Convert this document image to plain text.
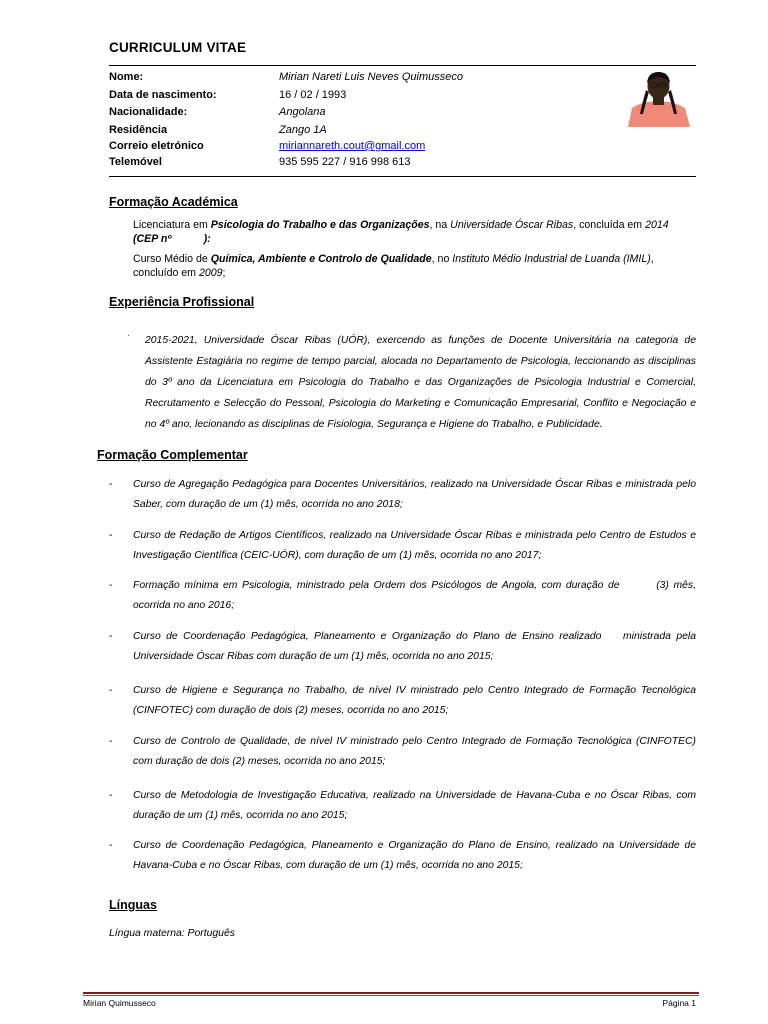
CURRICULUM VITAE
Nome:	Mirian Nareti Luis Neves Quimusseco
Data de nascimento:	16 / 02 / 1993
Nacionalidade:	Angolana
Residência	Zango 1A
Correio eletrónico	miriannareth.cout@gmail.com
Telemóvel	935 595 227 / 916 998 613
Formação Académica
Licenciatura em Psicologia do Trabalho e das Organizações, na Universidade Óscar Ribas, concluída em 2014 (CEP nº           ):
Curso Médio de Química, Ambiente e Controlo de Qualidade, no Instituto Médio Industrial de Luanda (IMIL), concluído em 2009;
Experiência Profissional
· 2015-2021, Universidade Óscar Ribas (UÓR), exercendo as funções de Docente Universitária na categoria de Assistente Estagiária no regime de tempo parcial, alocada no Departamento de Psicologia, leccionando as disciplinas do 3º ano da Licenciatura em Psicologia do Trabalho e das Organizações de Psicologia Industrial e Comercial, Recrutamento e Selecção do Pessoal, Psicologia do Marketing e Comunicação Empresarial, Conflito e Negociação e no 4º ano, lecionando as disciplinas de Fisiologia, Segurança e Higiene do Trabalho, e Publicidade.
Formação Complementar
- Curso de Agregação Pedagógica para Docentes Universitários, realizado na Universidade Óscar Ribas e ministrada pelo Saber, com duração de um (1) mês, ocorrida no ano 2018;
- Curso de Redação de Artigos Científicos, realizado na Universidade Óscar Ribas e ministrada pelo Centro de Estudos e Investigação Científica (CEIC-UÓR), com duração de um (1) mês, ocorrida no ano 2017;
- Formação mínima em Psicologia, ministrado pela Ordem dos Psicólogos de Angola, com duração de        (3) mês, ocorrida no ano 2016;
- Curso de Coordenação Pedagógica, Planeamento e Organização do Plano de Ensino realizado    ministrada pela Universidade Óscar Ribas com duração de um (1) mês, ocorrida no ano 2015;
- Curso de Higiene e Segurança no Trabalho, de nível IV ministrado pelo Centro Integrado de Formação Tecnológica (CINFOTEC) com duração de dois (2) meses, ocorrida no ano 2015;
- Curso de Controlo de Qualidade, de nível IV ministrado pelo Centro Integrado de Formação Tecnológica (CINFOTEC) com duração de dois (2) meses, ocorrida no ano 2015;
- Curso de Metodologia de Investigação Educativa, realizado na Universidade de Havana-Cuba e no Óscar Ribas, com duração de um (1) mês, ocorrida no ano 2015;
- Curso de Coordenação Pedagógica, Planeamento e Organização do Plano de Ensino, realizado na Universidade de Havana-Cuba e no Óscar Ribas, com duração de um (1) mês, ocorrida no ano 2015;
Línguas
Língua materna: Português
Mirian Quimusseco	Página 1
